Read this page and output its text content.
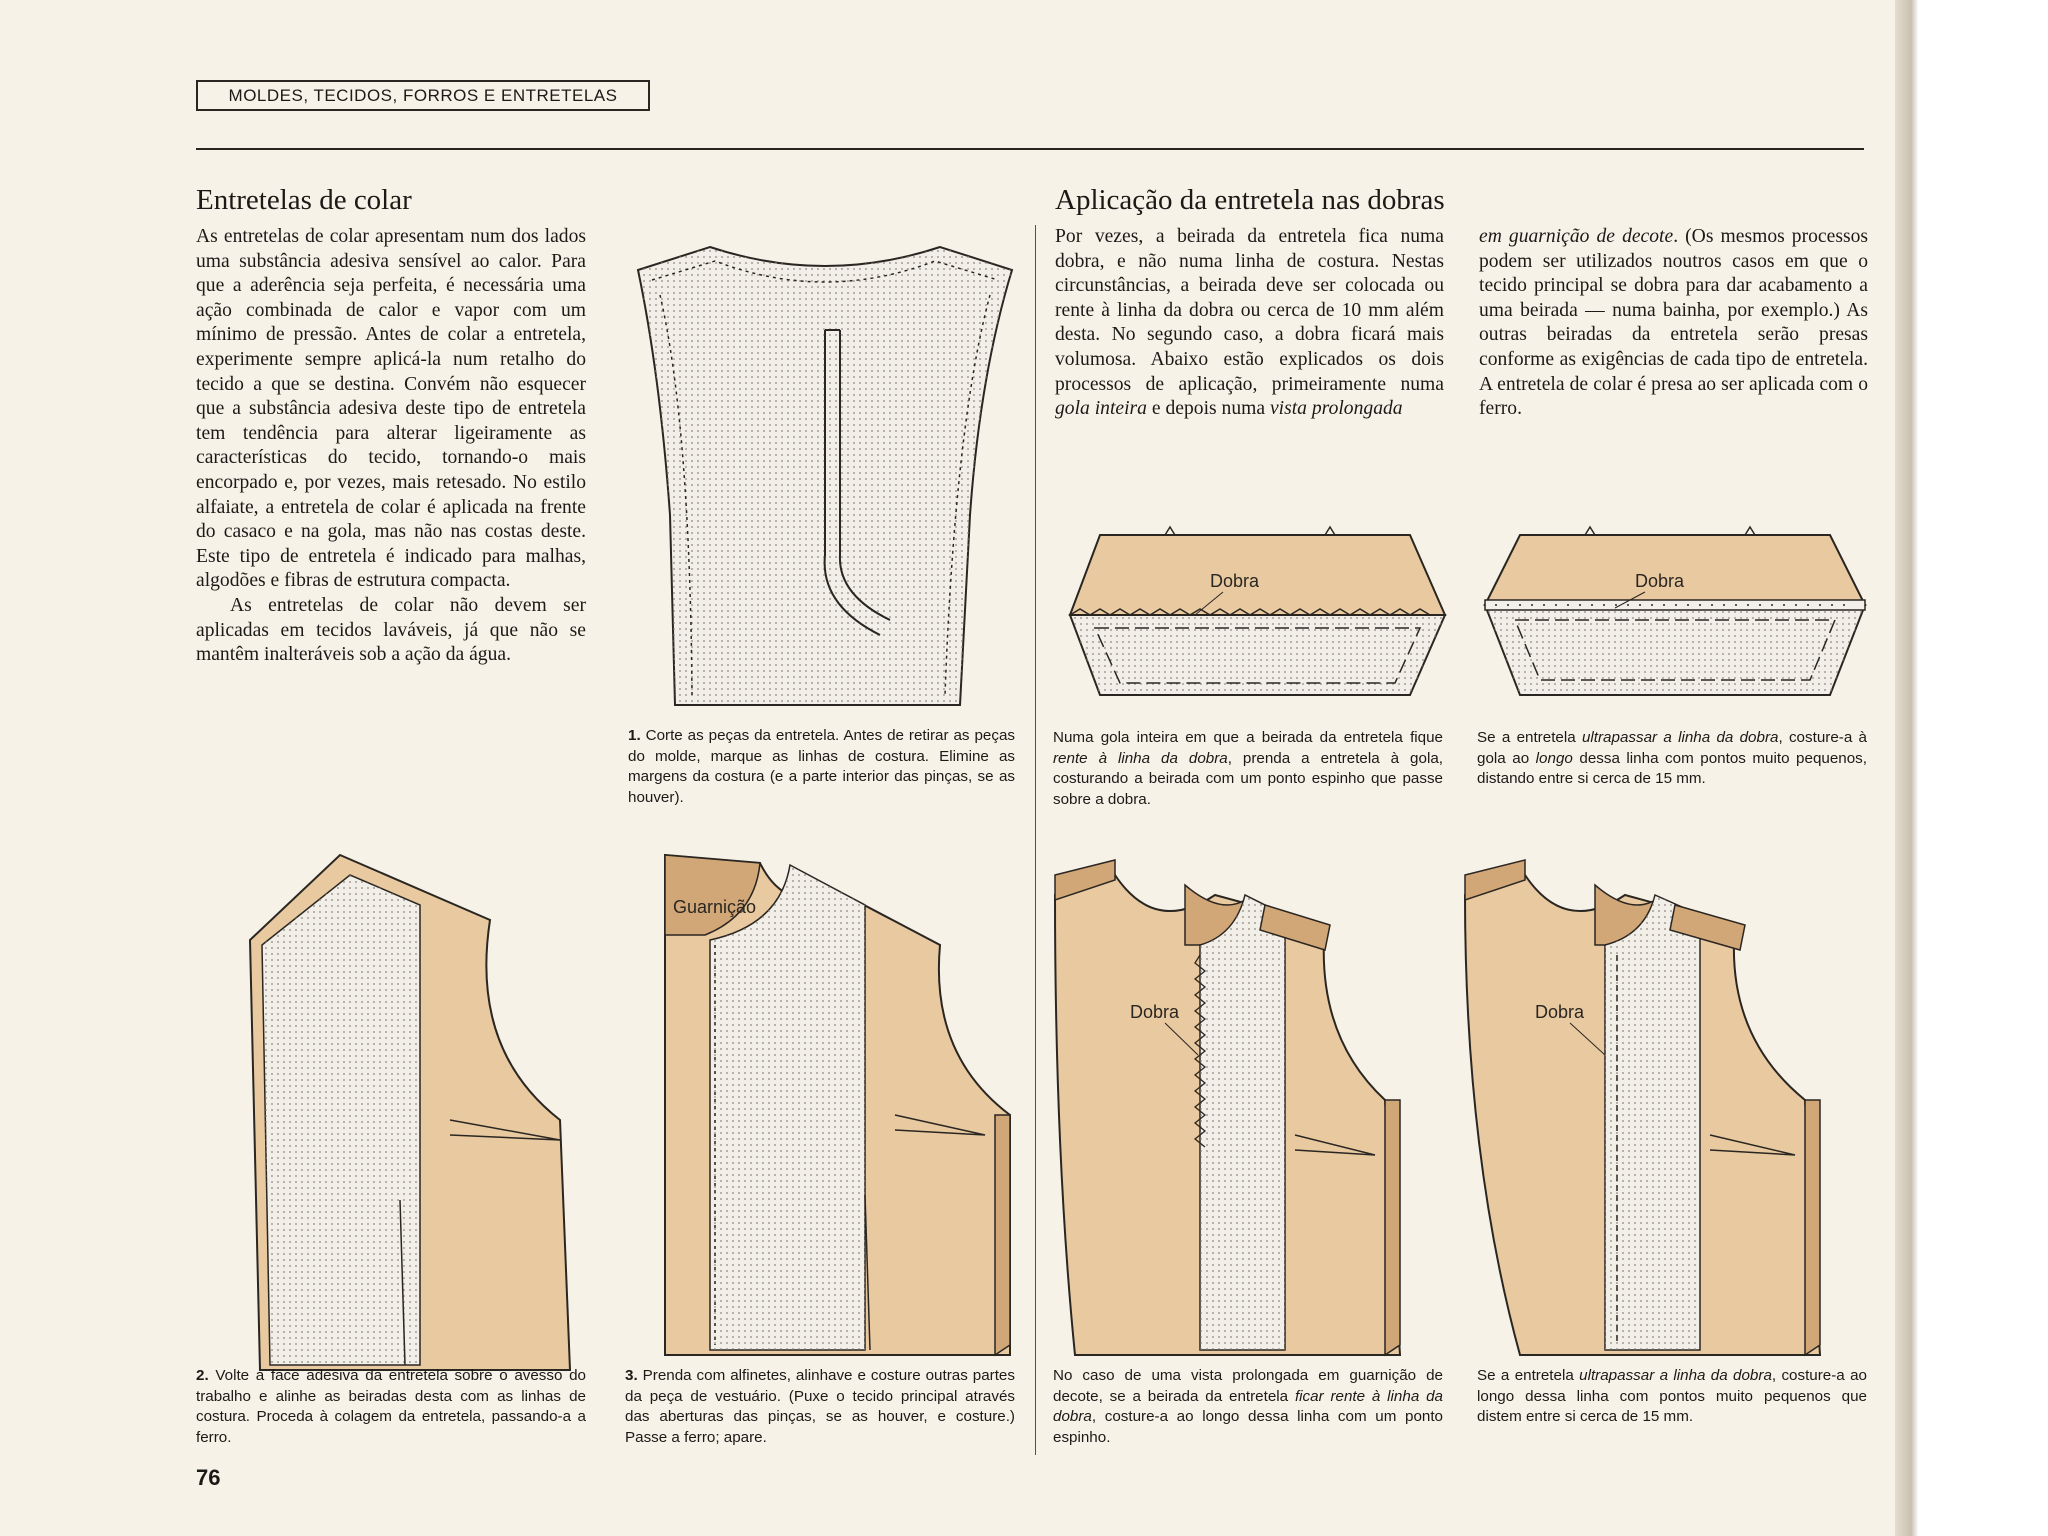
MOLDES, TECIDOS, FORROS E ENTRETELAS
Entretelas de colar

As entretelas de colar apresentam num dos lados uma substância adesiva sensível ao calor. Para que a aderência seja perfeita, é necessária uma ação combinada de calor e vapor com um mínimo de pressão. Antes de colar a entretela, experimente sempre aplicá-la num retalho do tecido a que se destina. Convém não esquecer que a substância adesiva deste tipo de entretela tem tendência para alterar ligeiramente as características do tecido, tornando-o mais encorpado e, por vezes, mais retesado. No estilo alfaiate, a entretela de colar é aplicada na frente do casaco e na gola, mas não nas costas deste. Este tipo de entretela é indicado para malhas, algodões e fibras de estrutura compacta.

As entretelas de colar não devem ser aplicadas em tecidos laváveis, já que não se mantêm inalteráveis sob a ação da água.

Aplicação da entretela nas dobras

Por vezes, a beirada da entretela fica numa dobra, e não numa linha de costura. Nestas circunstâncias, a beirada deve ser colocada ou rente à linha da dobra ou cerca de 10 mm além desta. No segundo caso, a dobra ficará mais volumosa. Abaixo estão explicados os dois processos de aplicação, primeiramente numa gola inteira e depois numa vista prolongada

em guarnição de decote. (Os mesmos processos podem ser utilizados noutros casos em que o tecido principal se dobra para dar acabamento a uma beirada — numa bainha, por exemplo.) As outras beiradas da entretela serão presas conforme as exigências de cada tipo de entretela. A entretela de colar é presa ao ser aplicada com o ferro.

1. Corte as peças da entretela. Antes de retirar as peças do molde, marque as linhas de costura. Elimine as margens da costura (e a parte interior das pinças, se as houver).

Dobra

Numa gola inteira em que a beirada da entretela fique rente à linha da dobra, prenda a entretela à gola, costurando a beirada com um ponto espinho que passe sobre a dobra.

Dobra

Se a entretela ultrapassar a linha da dobra, costure-a à gola ao longo dessa linha com pontos muito pequenos, distando entre si cerca de 15 mm.

2. Volte a face adesiva da entretela sobre o avesso do trabalho e alinhe as beiradas desta com as linhas de costura. Proceda à colagem da entretela, passando-a a ferro.

Guarnição

3. Prenda com alfinetes, alinhave e costure outras partes da peça de vestuário. (Puxe o tecido principal através das aberturas das pinças, se as houver, e costure.) Passe a ferro; apare.

Dobra

No caso de uma vista prolongada em guarnição de decote, se a beirada da entretela ficar rente à linha da dobra, costure-a ao longo dessa linha com um ponto espinho.

Dobra

Se a entretela ultrapassar a linha da dobra, costure-a ao longo dessa linha com pontos muito pequenos que distem entre si cerca de 15 mm.

76
